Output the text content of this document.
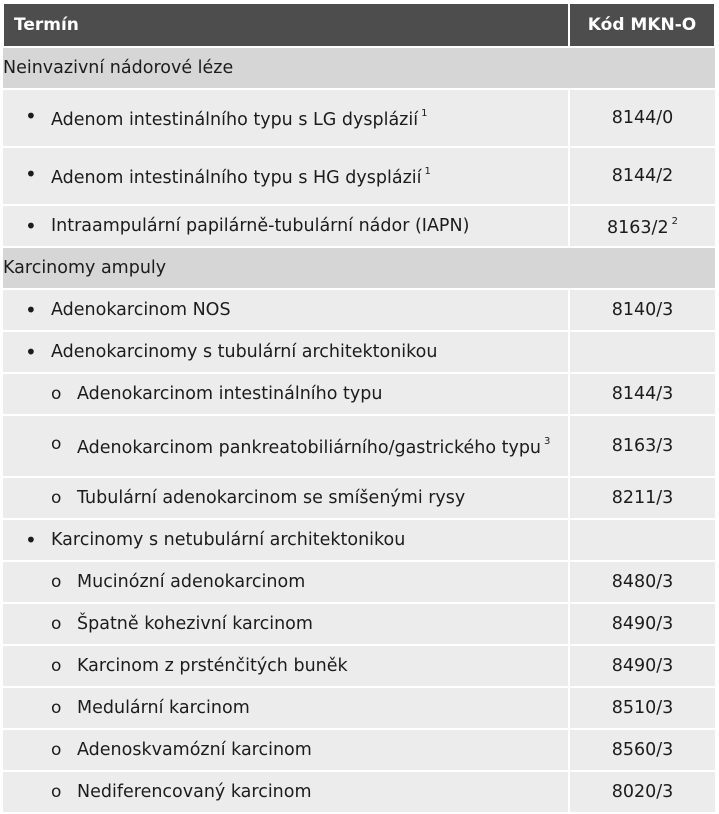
Termín	Kód MKN-O
Neinvazivní nádorové léze	

• Adenom intestinálního typu s LG dysplázií $^1$	8144/0

• Adenom intestinálního typu s HG dysplázií $^1$	8144/2

• Intraampulární papilárně-tubulární nádor (IAPN)	8163/2 $^2$
Karcinomy ampuly	

• Adenokarcinom NOS	8140/3

• Adenokarcinomy s tubulární architektonikou	

o Adenokarcinom intestinálního typu	8144/3

o Adenokarcinom pankreatobiliárního/gastrického typu $^3$	8163/3

o Tubulární adenokarcinom se smíšenými rysy	8211/3

• Karcinomy s netubulární architektonikou	

o Mucinózní adenokarcinom	8480/3

o Špatně kohezivní karcinom	8490/3

o Karcinom z prsténčitých buněk	8490/3

o Medulární karcinom	8510/3

o Adenoskvamózní karcinom	8560/3

o Nediferencovaný karcinom	8020/3
